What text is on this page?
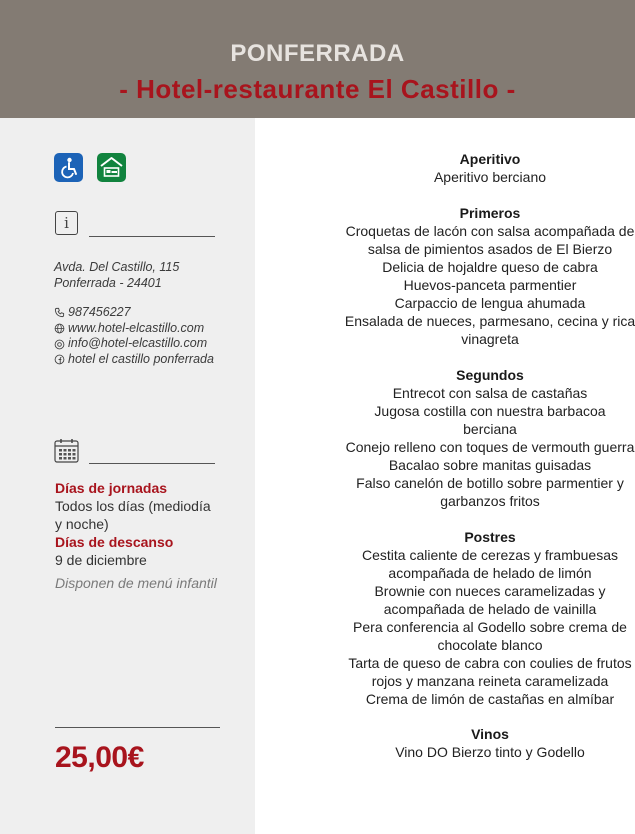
PONFERRADA
- Hotel-restaurante El Castillo -
i
Avda. Del Castillo, 115
Ponferrada - 24401
987456227
www.hotel-elcastillo.com
info@hotel-elcastillo.com
hotel el castillo ponferrada
Días de jornadas
Todos los días (mediodía
y noche)
Días de descanso
9 de diciembre
Disponen de menú infantil
25,00€
Aperitivo
Aperitivo berciano
Primeros
Croquetas de lacón con salsa acompañada de
salsa de pimientos asados de El Bierzo
Delicia de hojaldre queso de cabra
Huevos-panceta parmentier
Carpaccio de lengua ahumada
Ensalada de nueces, parmesano, cecina y rica
vinagreta
Segundos
Entrecot con salsa de castañas
Jugosa costilla con nuestra barbacoa
berciana
Conejo relleno con toques de vermouth guerra
Bacalao sobre manitas guisadas
Falso canelón de botillo sobre parmentier y
garbanzos fritos
Postres
Cestita caliente de cerezas y frambuesas
acompañada de helado de limón
Brownie con nueces caramelizadas y
acompañada de helado de vainilla
Pera conferencia al Godello sobre crema de
chocolate blanco
Tarta de queso de cabra con coulies de frutos
rojos y manzana reineta caramelizada
Crema de limón de castañas en almíbar
Vinos
Vino DO Bierzo tinto y Godello
